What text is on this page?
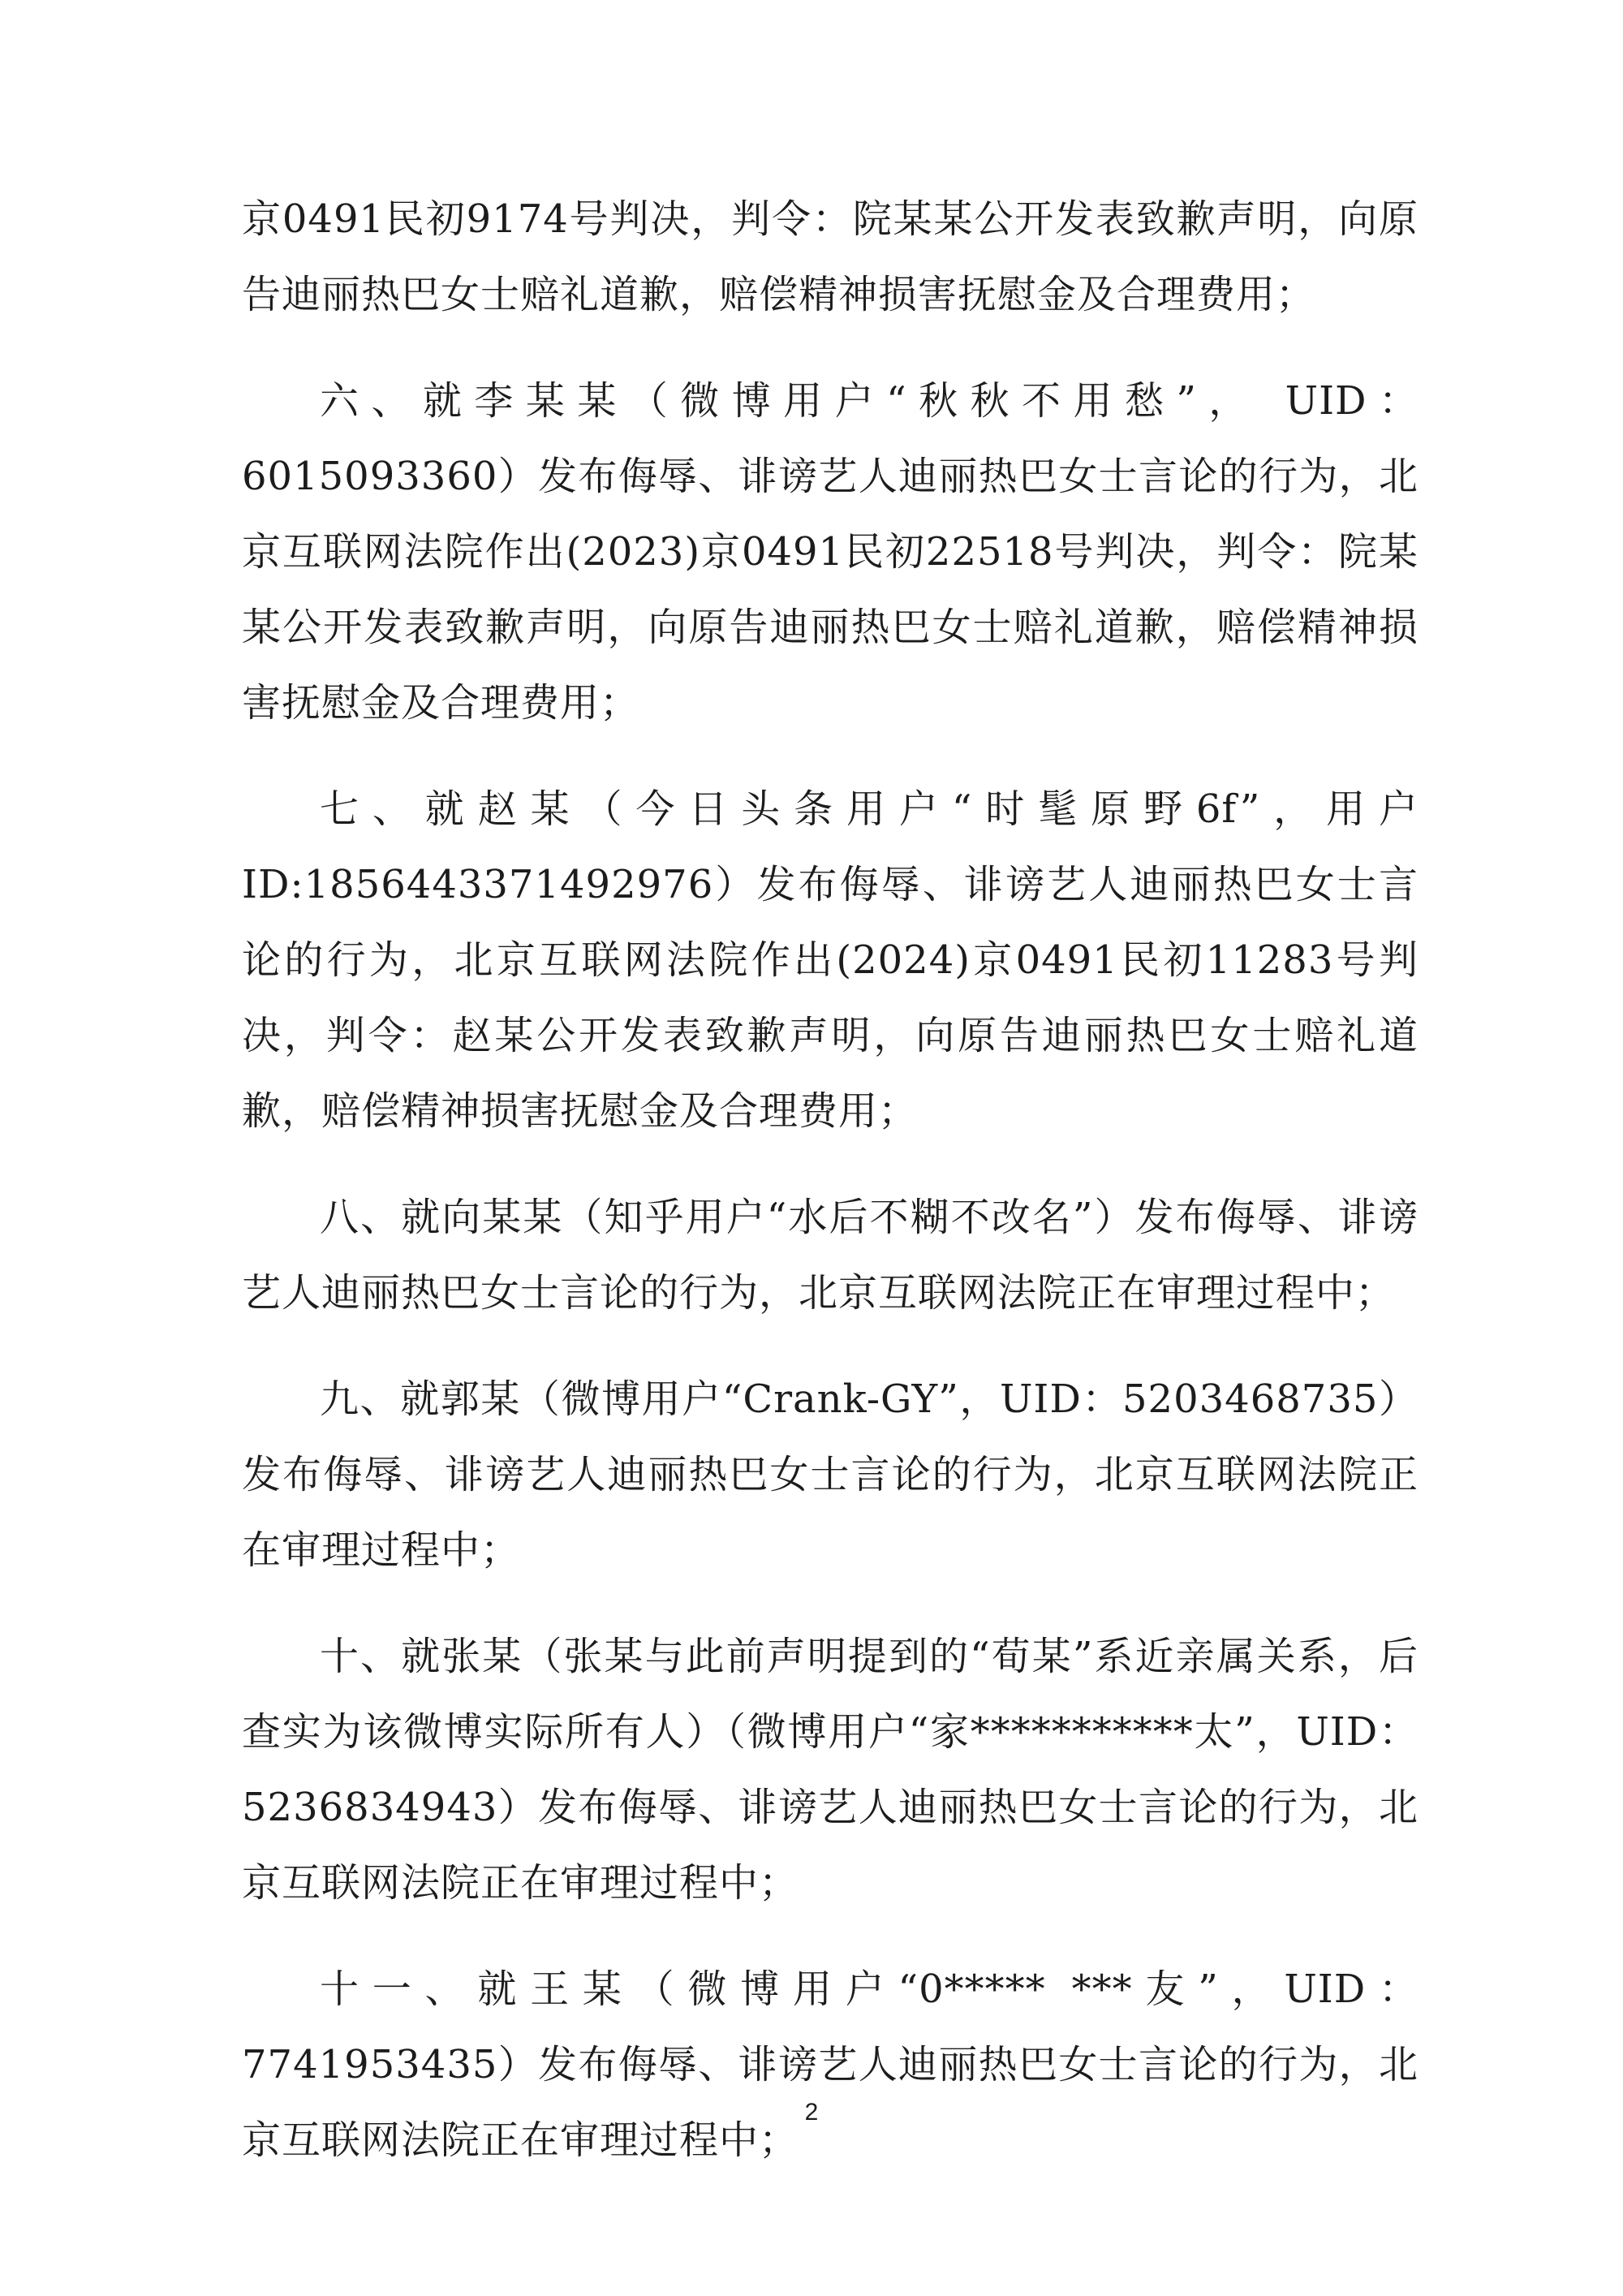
京0491民初9174号判决，判令：院某某公开发表致歉声明，向原告迪丽热巴女士赔礼道歉，赔偿精神损害抚慰金及合理费用；

六、就李某某（微博用户“秋秋不用愁”， UID：6015093360）发布侮辱、诽谤艺人迪丽热巴女士言论的行为，北京互联网法院作出(2023)京0491民初22518号判决，判令：院某某公开发表致歉声明，向原告迪丽热巴女士赔礼道歉，赔偿精神损害抚慰金及合理费用；

七、就赵某（今日头条用户“时髦原野6f”，用户ID:1856443371492976）发布侮辱、诽谤艺人迪丽热巴女士言论的行为，北京互联网法院作出(2024)京0491民初11283号判决，判令：赵某公开发表致歉声明，向原告迪丽热巴女士赔礼道歉，赔偿精神损害抚慰金及合理费用；

八、就向某某（知乎用户“水后不糊不改名”）发布侮辱、诽谤艺人迪丽热巴女士言论的行为，北京互联网法院正在审理过程中；

九、就郭某（微博用户“Crank-GY”，UID：5203468735）发布侮辱、诽谤艺人迪丽热巴女士言论的行为，北京互联网法院正在审理过程中；

十、就张某（张某与此前声明提到的“荀某”系近亲属关系，后查实为该微博实际所有人）（微博用户“家***********太”，UID：5236834943）发布侮辱、诽谤艺人迪丽热巴女士言论的行为，北京互联网法院正在审理过程中；

十一、就王某（微博用户“0***** ***友”，UID：7741953435）发布侮辱、诽谤艺人迪丽热巴女士言论的行为，北京互联网法院正在审理过程中；

2
